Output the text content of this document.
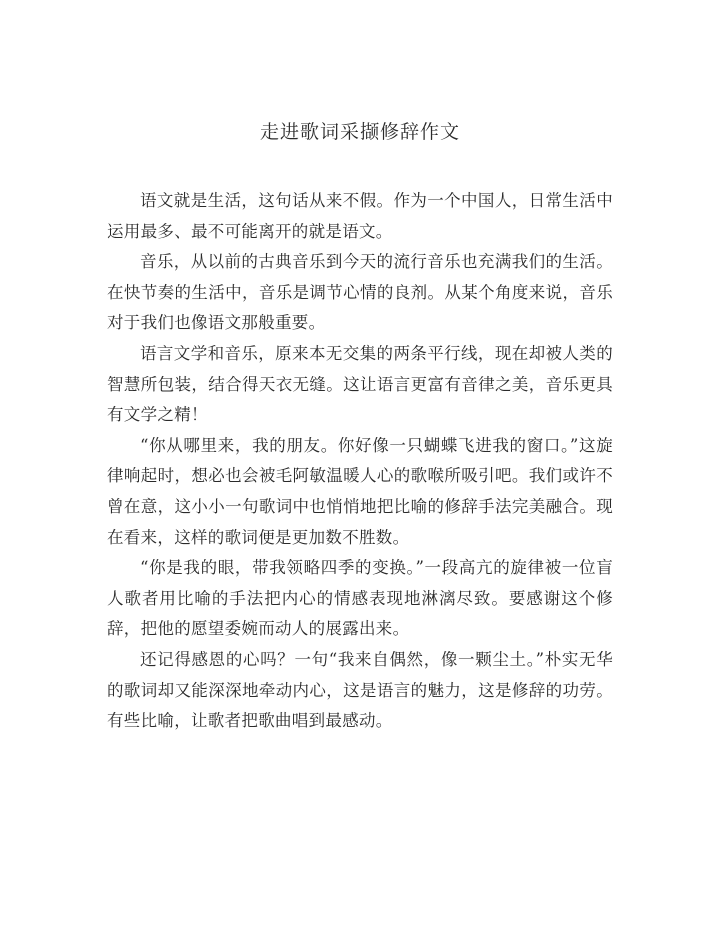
走进歌词采撷修辞作文

语文就是生活，这句话从来不假。作为一个中国人，日常生活中运用最多、最不可能离开的就是语文。

音乐，从以前的古典音乐到今天的流行音乐也充满我们的生活。在快节奏的生活中，音乐是调节心情的良剂。从某个角度来说，音乐对于我们也像语文那般重要。

语言文学和音乐，原来本无交集的两条平行线，现在却被人类的智慧所包装，结合得天衣无缝。这让语言更富有音律之美，音乐更具有文学之精！

“你从哪里来，我的朋友。你好像一只蝴蝶飞进我的窗口。”这旋律响起时，想必也会被毛阿敏温暖人心的歌喉所吸引吧。我们或许不曾在意，这小小一句歌词中也悄悄地把比喻的修辞手法完美融合。现在看来，这样的歌词便是更加数不胜数。

“你是我的眼，带我领略四季的变换。”一段高亢的旋律被一位盲人歌者用比喻的手法把内心的情感表现地淋漓尽致。要感谢这个修辞，把他的愿望委婉而动人的展露出来。

还记得感恩的心吗？一句“我来自偶然，像一颗尘土。”朴实无华的歌词却又能深深地牵动内心，这是语言的魅力，这是修辞的功劳。有些比喻，让歌者把歌曲唱到最感动。
